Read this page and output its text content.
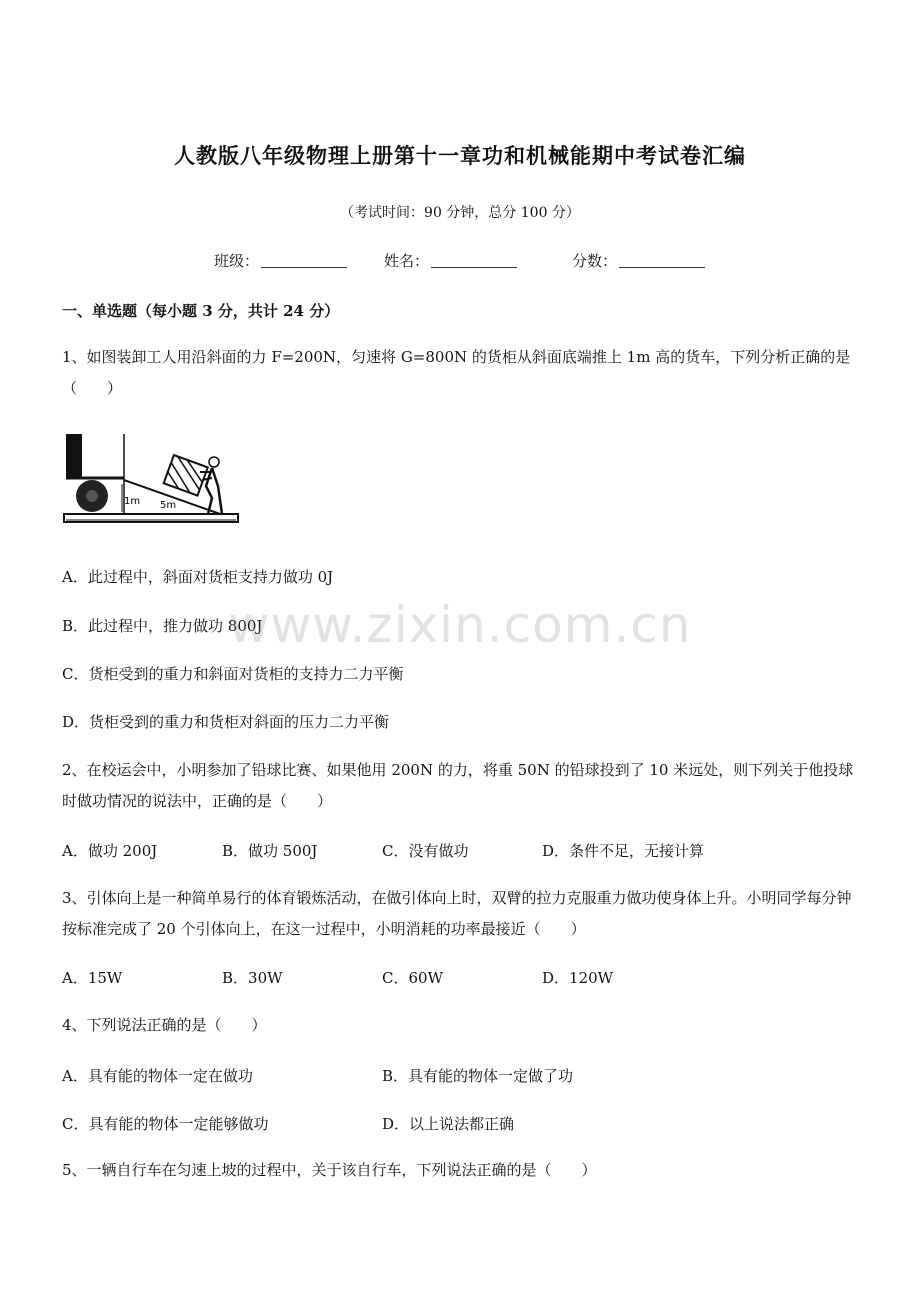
人教版八年级物理上册第十一章功和机械能期中考试卷汇编
（考试时间：90 分钟，总分 100 分）
班级：	姓名：	分数：
一、单选题（每小题 3 分，共计 24 分）
1、如图装卸工人用沿斜面的力 F=200N，匀速将 G=800N 的货柜从斜面底端推上 1m 高的货车，下列分析正确的是（　　）
1m 5m
A．此过程中，斜面对货柜支持力做功 0J
B．此过程中，推力做功 800J
C．货柜受到的重力和斜面对货柜的支持力二力平衡
D．货柜受到的重力和货柜对斜面的压力二力平衡
2、在校运会中，小明参加了铅球比赛、如果他用 200N 的力，将重 50N 的铅球投到了 10 米远处，则下列关于他投球时做功情况的说法中，正确的是（　　）
A．做功 200J	B．做功 500J	C．没有做功	D．条件不足，无接计算
3、引体向上是一种简单易行的体育锻炼活动，在做引体向上时，双臂的拉力克服重力做功使身体上升。小明同学每分钟按标准完成了 20 个引体向上，在这一过程中，小明消耗的功率最接近（　　）
A．15W	B．30W	C．60W	D．120W
4、下列说法正确的是（　　）
A．具有能的物体一定在做功	B．具有能的物体一定做了功
C．具有能的物体一定能够做功	D．以上说法都正确
5、一辆自行车在匀速上坡的过程中，关于该自行车，下列说法正确的是（　　）
www.zixin.com.cn
